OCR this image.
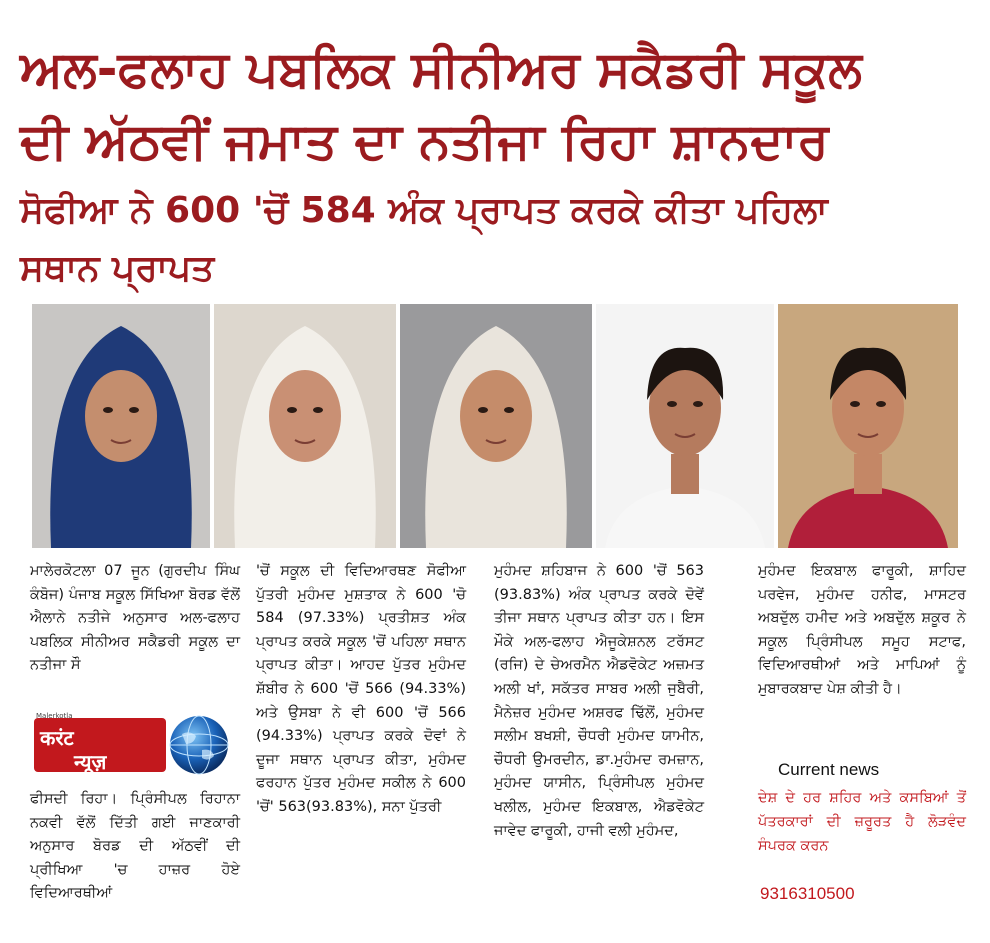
ਅਲ-ਫਲਾਹ ਪਬਲਿਕ ਸੀਨੀਅਰ ਸਕੈਡਰੀ ਸਕੂਲ
ਦੀ ਅੱਠਵੀਂ ਜਮਾਤ ਦਾ ਨਤੀਜਾ ਰਿਹਾ ਸ਼ਾਨਦਾਰ
ਸੋਫੀਆ ਨੇ 600 'ਚੋਂ 584 ਅੰਕ ਪ੍ਰਾਪਤ ਕਰਕੇ ਕੀਤਾ ਪਹਿਲਾ
ਸਥਾਨ ਪ੍ਰਾਪਤ

ਮਾਲੇਰਕੋਟਲਾ 07 ਜੂਨ (ਗੁਰਦੀਪ ਸਿੰਘ ਕੰਬੋਜ) ਪੰਜਾਬ ਸਕੂਲ ਸਿੱਖਿਆ ਬੋਰਡ ਵੱਲੋਂ ਐਲਾਨੇ ਨਤੀਜੇ ਅਨੁਸਾਰ ਅਲ-ਫਲਾਹ ਪਬਲਿਕ ਸੀਨੀਅਰ ਸਕੈਡਰੀ ਸਕੂਲ ਦਾ ਨਤੀਜਾ ਸੌ

Malerkotla
करंट
न्यूज़
ਫੀਸਦੀ ਰਿਹਾ। ਪ੍ਰਿੰਸੀਪਲ ਰਿਹਾਨਾ ਨਕਵੀ ਵੱਲੋਂ ਦਿੱਤੀ ਗਈ ਜਾਣਕਾਰੀ ਅਨੁਸਾਰ ਬੋਰਡ ਦੀ ਅੱਠਵੀਂ ਦੀ ਪ੍ਰੀਖਿਆ 'ਚ ਹਾਜ਼ਰ ਹੋਏ ਵਿਦਿਆਰਥੀਆਂ

'ਚੋਂ ਸਕੂਲ ਦੀ ਵਿਦਿਆਰਥਣ ਸੋਫੀਆ ਪੁੱਤਰੀ ਮੁਹੰਮਦ ਮੁਸ਼ਤਾਕ ਨੇ 600 'ਚੋ 584 (97.33%) ਪ੍ਰਤੀਸ਼ਤ ਅੰਕ ਪ੍ਰਾਪਤ ਕਰਕੇ ਸਕੂਲ 'ਚੋਂ ਪਹਿਲਾ ਸਥਾਨ ਪ੍ਰਾਪਤ ਕੀਤਾ। ਆਹਦ ਪੁੱਤਰ ਮੁਹੰਮਦ ਸ਼ੱਬੀਰ ਨੇ 600 'ਚੋਂ 566 (94.33%) ਅਤੇ ਉਸਬਾ ਨੇ ਵੀ 600 'ਚੋਂ 566 (94.33%) ਪ੍ਰਾਪਤ ਕਰਕੇ ਦੋਵਾਂ ਨੇ ਦੂਜਾ ਸਥਾਨ ਪ੍ਰਾਪਤ ਕੀਤਾ, ਮੁਹੰਮਦ ਫਰਹਾਨ ਪੁੱਤਰ ਮੁਹੰਮਦ ਸਕੀਲ ਨੇ 600 'ਚੋਂ' 563(93.83%), ਸਨਾ ਪੁੱਤਰੀ

ਮੁਹੰਮਦ ਸ਼ਹਿਬਾਜ ਨੇ 600 'ਚੋਂ 563 (93.83%) ਅੰਕ ਪ੍ਰਾਪਤ ਕਰਕੇ ਦੋਵੇਂ ਤੀਜਾ ਸਥਾਨ ਪ੍ਰਾਪਤ ਕੀਤਾ ਹਨ। ਇਸ ਮੌਕੇ ਅਲ-ਫਲਾਹ ਐਜੂਕੇਸ਼ਨਲ ਟਰੱਸਟ (ਰਜਿ) ਦੇ ਚੇਅਰਮੈਨ ਐਡਵੋਕੇਟ ਅਜ਼ਮਤ ਅਲੀ ਖਾਂ, ਸਕੱਤਰ ਸਾਬਰ ਅਲੀ ਜੁਬੈਰੀ, ਮੈਨੇਜ਼ਰ ਮੁਹੰਮਦ ਅਸ਼ਰਫ ਢਿੱਲੋਂ, ਮੁਹੰਮਦ ਸਲੀਮ ਬਖਸ਼ੀ, ਚੌਧਰੀ ਮੁਹੰਮਦ ਯਾਮੀਨ, ਚੌਧਰੀ ਉਮਰਦੀਨ, ਡਾ.ਮੁਹੰਮਦ ਰਮਜ਼ਾਨ, ਮੁਹੰਮਦ ਯਾਸੀਨ, ਪ੍ਰਿੰਸੀਪਲ ਮੁਹੰਮਦ ਖਲੀਲ, ਮੁਹੰਮਦ ਇਕਬਾਲ, ਐਡਵੋਕੇਟ ਜਾਵੇਦ ਫਾਰੂਕੀ, ਹਾਜੀ ਵਲੀ ਮੁਹੰਮਦ,

ਮੁਹੰਮਦ ਇਕਬਾਲ ਫਾਰੂਕੀ, ਸ਼ਾਹਿਦ ਪਰਵੇਜ, ਮੁਹੰਮਦ ਹਨੀਫ, ਮਾਸਟਰ ਅਬਦੁੱਲ ਹਮੀਦ ਅਤੇ ਅਬਦੁੱਲ ਸ਼ਕੂਰ ਨੇ ਸਕੂਲ ਪ੍ਰਿੰਸੀਪਲ ਸਮੂਹ ਸਟਾਫ, ਵਿਦਿਆਰਥੀਆਂ ਅਤੇ ਮਾਪਿਆਂ ਨੂੰ ਮੁਬਾਰਕਬਾਦ ਪੇਸ਼ ਕੀਤੀ ਹੈ।

Current news
ਦੇਸ਼ ਦੇ ਹਰ ਸ਼ਹਿਰ ਅਤੇ ਕਸਬਿਆਂ ਤੋਂ ਪੱਤਰਕਾਰਾਂ ਦੀ ਜ਼ਰੂਰਤ ਹੈ ਲੋੜਵੰਦ ਸੰਪਰਕ ਕਰਨ
9316310500
